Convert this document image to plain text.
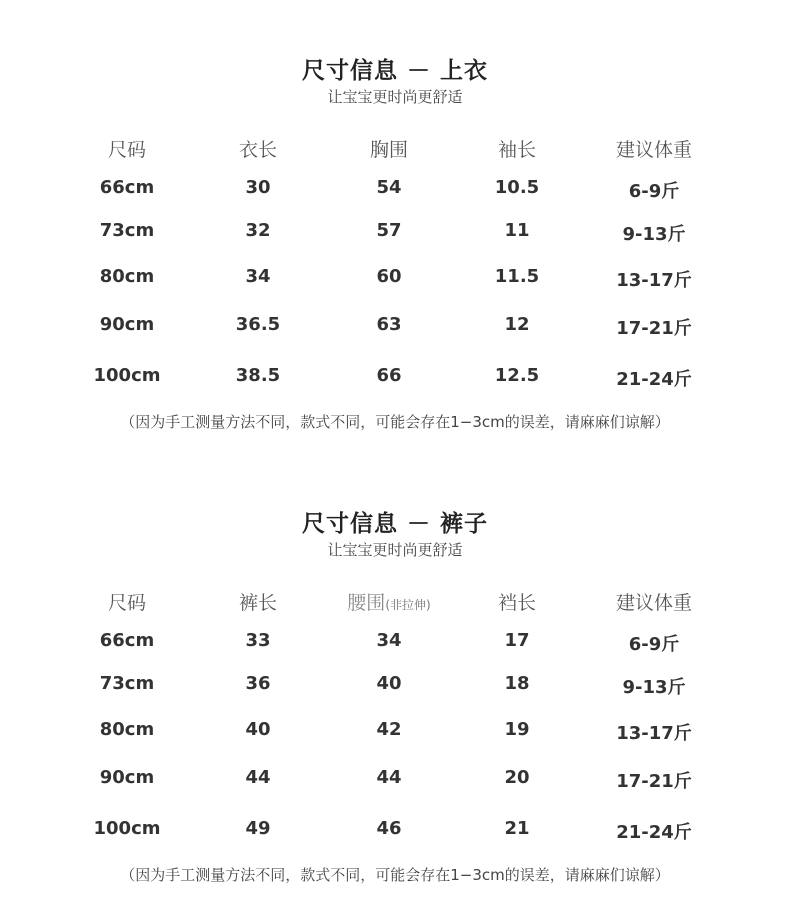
尺寸信息 － 上衣
让宝宝更时尚更舒适
尺码	衣长	胸围	袖长	建议体重
66cm	30	54	10.5	6-9斤
73cm	32	57	11	9-13斤
80cm	34	60	11.5	13-17斤
90cm	36.5	63	12	17-21斤
100cm	38.5	66	12.5	21-24斤
（因为手工测量方法不同，款式不同，可能会存在1−3cm的误差，请麻麻们谅解）
尺寸信息 － 裤子
让宝宝更时尚更舒适
尺码	裤长	腰围(非拉伸)	裆长	建议体重
66cm	33	34	17	6-9斤
73cm	36	40	18	9-13斤
80cm	40	42	19	13-17斤
90cm	44	44	20	17-21斤
100cm	49	46	21	21-24斤
（因为手工测量方法不同，款式不同，可能会存在1−3cm的误差，请麻麻们谅解）
